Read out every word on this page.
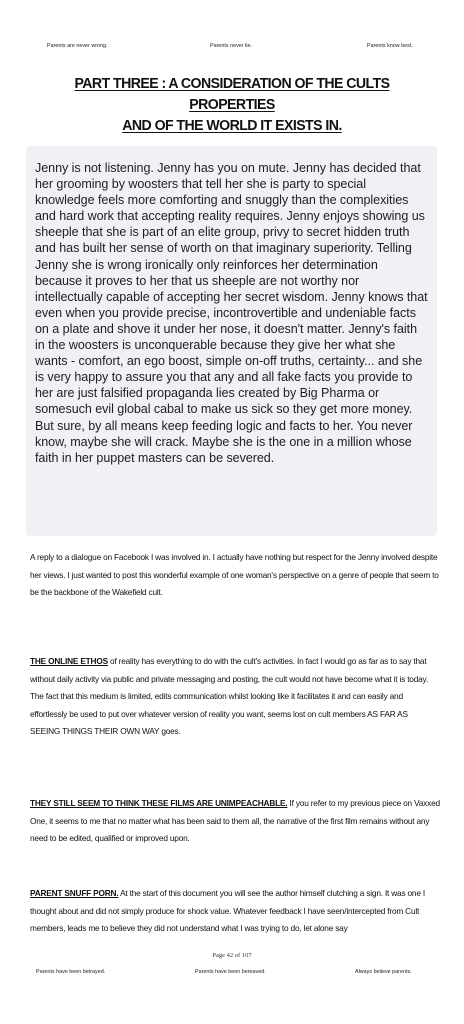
Parents are never wrong.	Parents never lie.	Parents know best.
PART THREE : A CONSIDERATION OF THE CULTS PROPERTIES
AND OF THE WORLD IT EXISTS IN.
Jenny is not listening. Jenny has you on mute. Jenny has decided that her grooming by woosters that tell her she is party to special knowledge feels more comforting and snuggly than the complexities and hard work that accepting reality requires. Jenny enjoys showing us sheeple that she is part of an elite group, privy to secret hidden truth and has built her sense of worth on that imaginary superiority. Telling Jenny she is wrong ironically only reinforces her determination because it proves to her that us sheeple are not worthy nor intellectually capable of accepting her secret wisdom. Jenny knows that even when you provide precise, incontrovertible and undeniable facts on a plate and shove it under her nose, it doesn't matter. Jenny's faith in the woosters is unconquerable because they give her what she wants - comfort, an ego boost, simple on-off truths, certainty... and she is very happy to assure you that any and all fake facts you provide to her are just falsified propaganda lies created by Big Pharma or somesuch evil global cabal to make us sick so they get more money. But sure, by all means keep feeding logic and facts to her. You never know, maybe she will crack. Maybe she is the one in a million whose faith in her puppet masters can be severed.
A reply to a dialogue on Facebook I was involved in. I actually have nothing but respect for the Jenny involved despite her views. I just wanted to post this wonderful example of one woman's perspective on a genre of people that seem to be the backbone of the Wakefield cult.
THE ONLINE ETHOS of reality has everything to do with the cult's activities. In fact I would go as far as to say that without daily activity via public and private messaging and posting, the cult would not have become what it is today. The fact that this medium is limited, edits communication whilst looking like it facilitates it and can easily and effortlessly be used to put over whatever version of reality you want, seems lost on cult members AS FAR AS SEEING THINGS THEIR OWN WAY goes.
THEY STILL SEEM TO THINK THESE FILMS ARE UNIMPEACHABLE. If you refer to my previous piece on Vaxxed One, it seems to me that no matter what has been said to them all, the narrative of the first film remains without any need to be edited, qualified or improved upon.
PARENT SNUFF PORN. At the start of this document you will see the author himself clutching a sign. It was one I thought about and did not simply produce for shock value. Whatever feedback I have seen/intercepted from Cult members, leads me to believe they did not understand what I was trying to do, let alone say
Page 42 of 107
Parents have been betrayed.	Parents have been bereaved.	Always believe parents.
